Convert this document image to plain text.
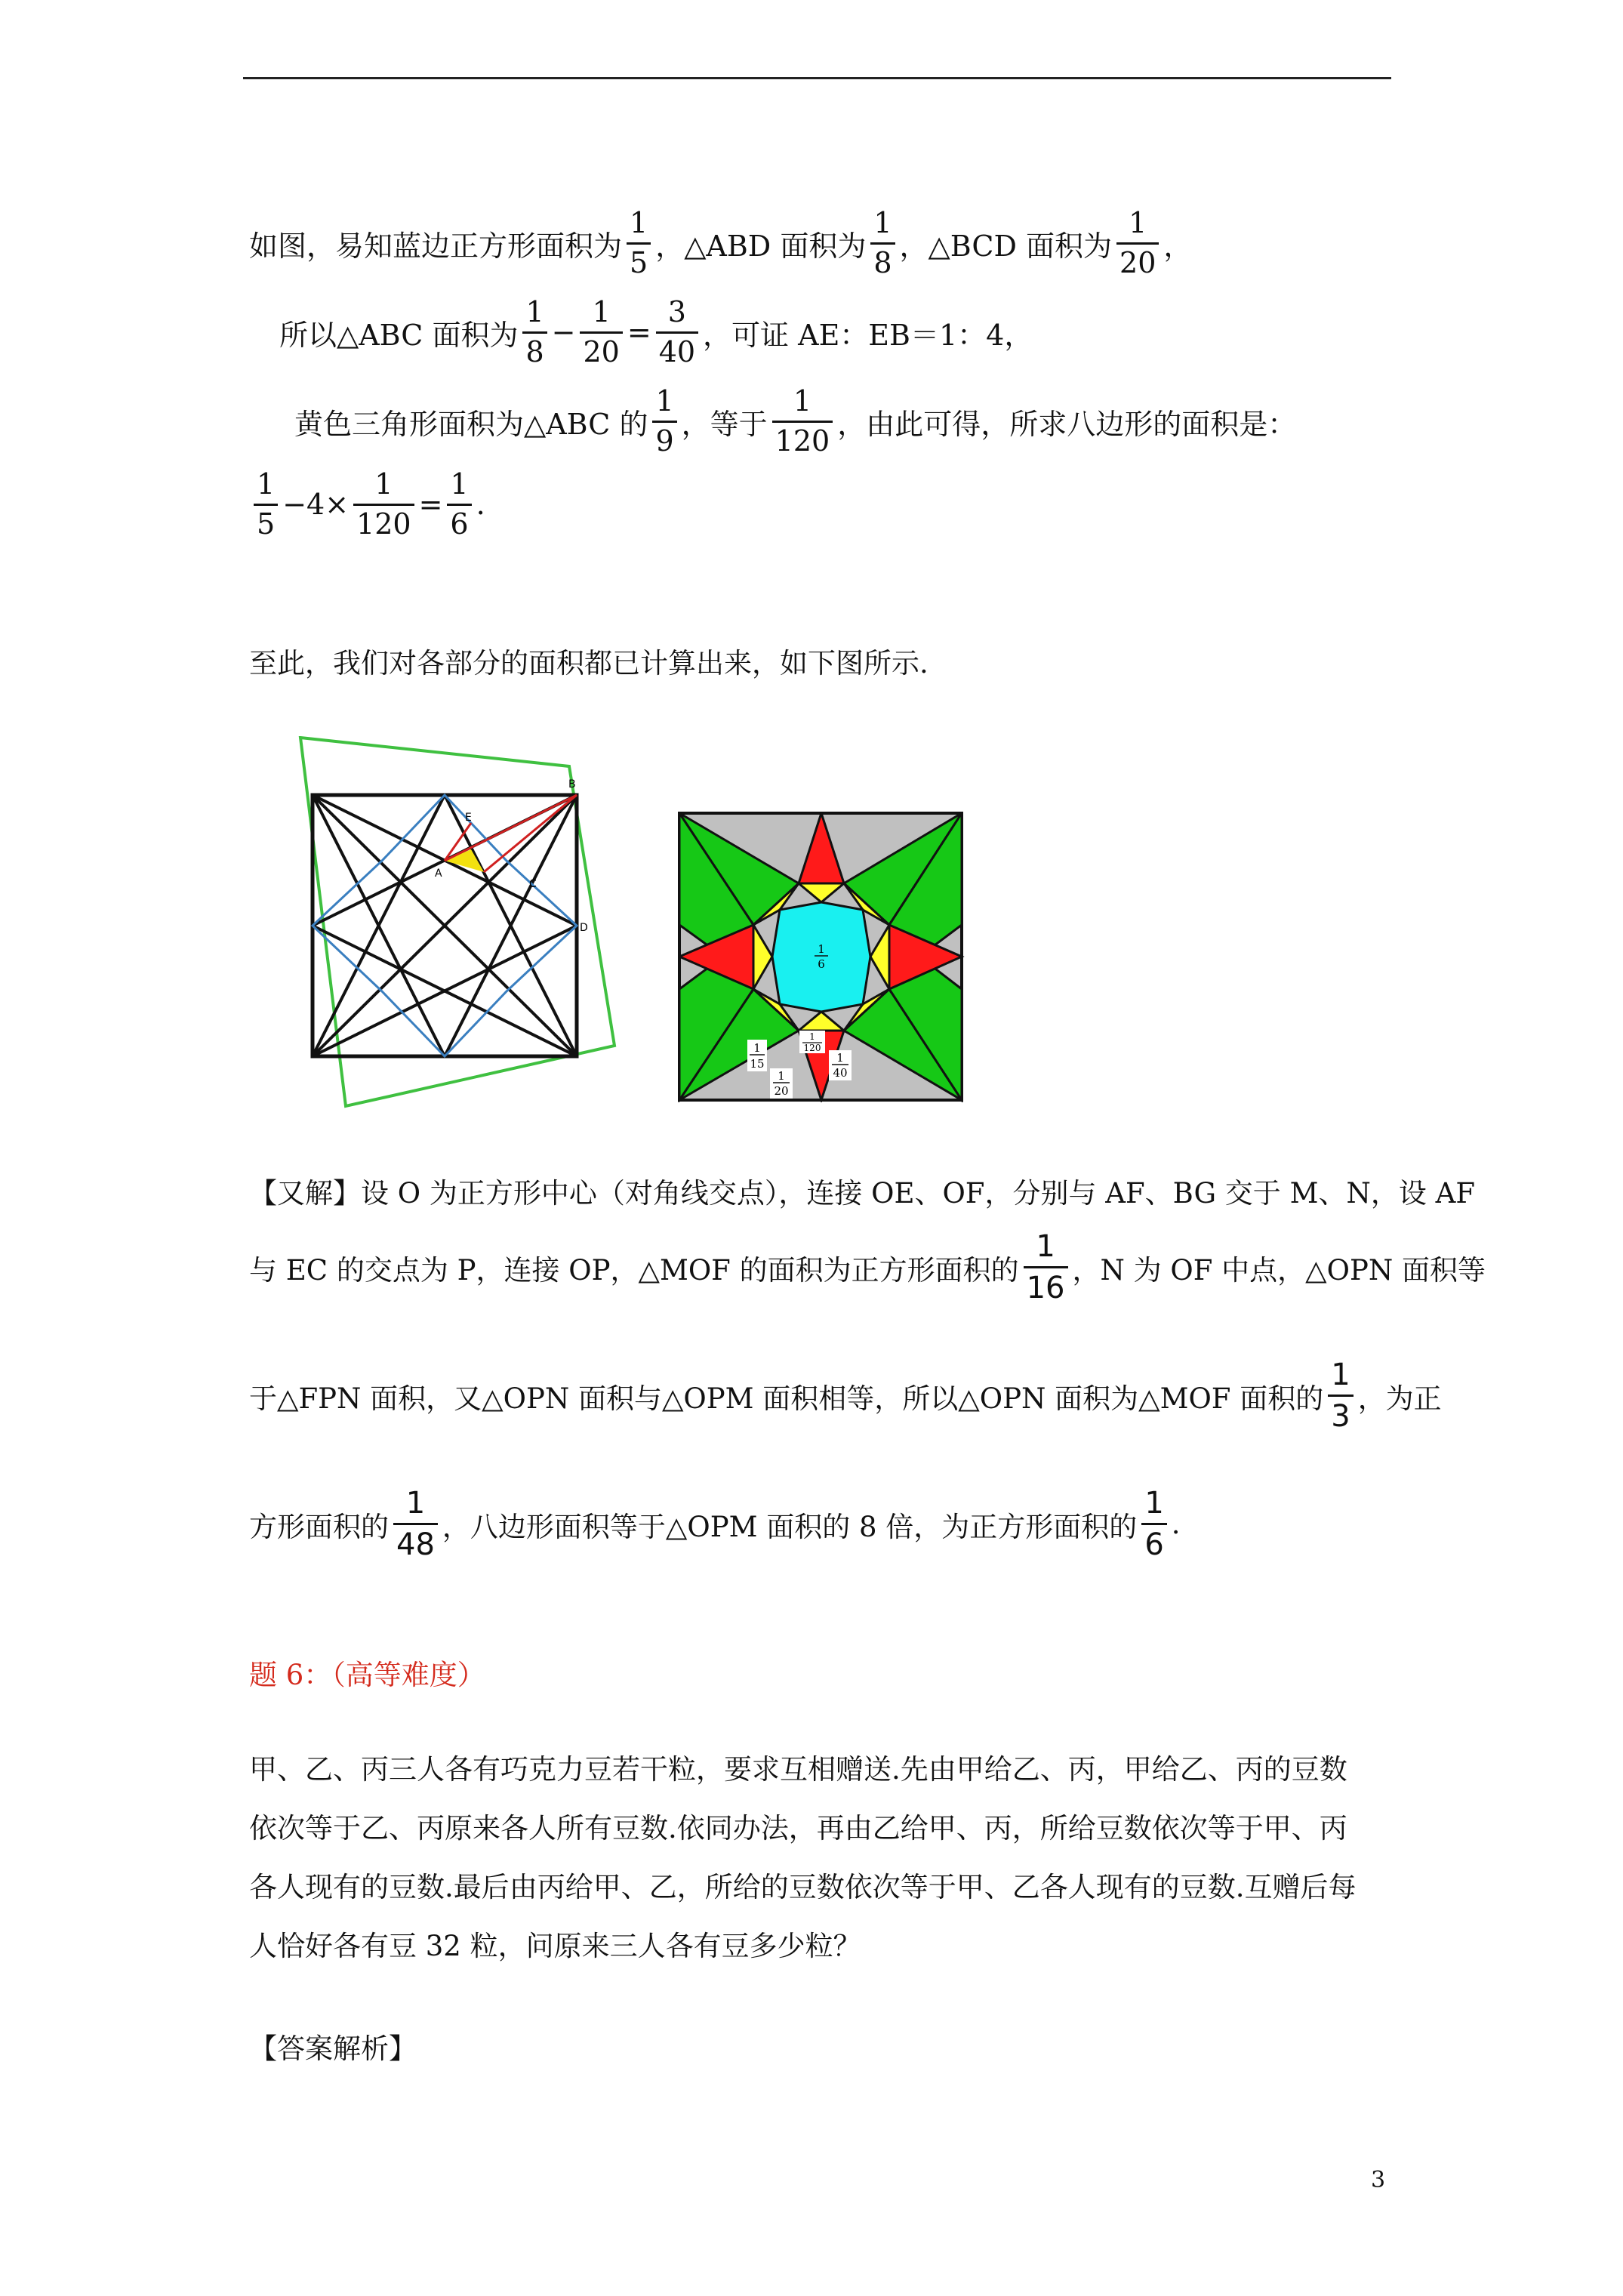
如图，易知蓝边正方形面积为 $\frac{1}{5}$ ，△ABD 面积为 $\frac{1}{8}$ ，△BCD 面积为 $\frac{1}{20}$ ，
所以△ABC 面积为 $\frac{1}{8} - \frac{1}{20} = \frac{3}{40}$ ，可证 AE：EB＝1：4，
黄色三角形面积为△ABC 的 $\frac{1}{9}$ ，等于 $\frac{1}{120}$ ，由此可得，所求八边形的面积是：
$\frac{1}{5} -4\times \frac{1}{120} = \frac{1}{6}$ .
至此，我们对各部分的面积都已计算出来，如下图所示.
B
E
A
C
D
1
6
1
15
1
120
1
40
1
20
【又解】设 O 为正方形中心（对角线交点），连接 OE、OF，分别与 AF、BG 交于 M、N，设 AF
与 EC 的交点为 P，连接 OP，△MOF 的面积为正方形面积的 $\frac{1}{16}$ ，N 为 OF 中点，△OPN 面积等
于△FPN 面积，又△OPN 面积与△OPM 面积相等，所以△OPN 面积为△MOF 面积的 $\frac{1}{3}$ ，为正
方形面积的 $\frac{1}{48}$ ，八边形面积等于△OPM 面积的 8 倍，为正方形面积的 $\frac{1}{6}$ .
题 6：（高等难度）
甲、乙、丙三人各有巧克力豆若干粒，要求互相赠送.先由甲给乙、丙，甲给乙、丙的豆数
依次等于乙、丙原来各人所有豆数.依同办法，再由乙给甲、丙，所给豆数依次等于甲、丙
各人现有的豆数.最后由丙给甲、乙，所给的豆数依次等于甲、乙各人现有的豆数.互赠后每
人恰好各有豆 32 粒，问原来三人各有豆多少粒？
【答案解析】
3
